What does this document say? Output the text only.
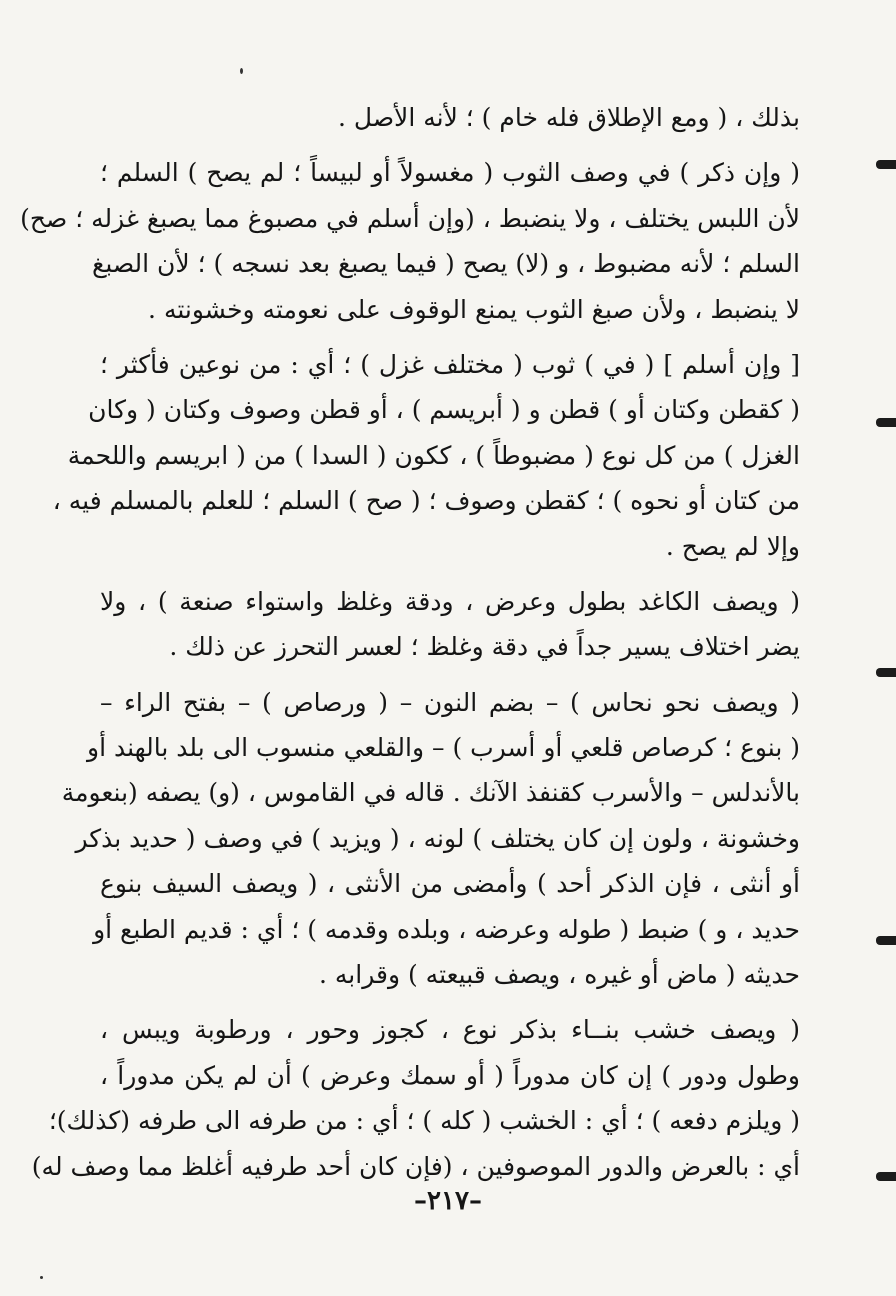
بذلك ، ( ومع الإطلاق فله خام ) ؛ لأنه الأصل .
( وإن ذكر ) في وصف الثوب ( مغسولاً أو لبيساً ؛ لم يصح ) السلم ؛
لأن اللبس يختلف ، ولا ينضبط ، (وإن أسلم في مصبوغ مما يصبغ غزله ؛ صح)
السلم ؛ لأنه مضبوط ، و (لا) يصح ( فيما يصبغ بعد نسجه ) ؛ لأن الصبغ
لا ينضبط ، ولأن صبغ الثوب يمنع الوقوف على نعومته وخشونته .
[ وإن أسلم ] ( في ) ثوب ( مختلف غزل ) ؛ أي : من نوعين فأكثر ؛
( كقطن وكتان أو ) قطن و ( أبريسم ) ، أو قطن وصوف وكتان ( وكان
الغزل ) من كل نوع ( مضبوطاً ) ، ككون ( السدا ) من ( ابريسم واللحمة
من كتان أو نحوه ) ؛ كقطن وصوف ؛ ( صح ) السلم ؛ للعلم بالمسلم فيه ،
وإلا لم يصح .
( ويصف الكاغد بطول وعرض ، ودقة وغلظ واستواء صنعة ) ، ولا
يضر اختلاف يسير جداً في دقة وغلظ ؛ لعسر التحرز عن ذلك .
( ويصف نحو نحاس ) – بضم النون – ( ورصاص ) – بفتح الراء –
( بنوع ؛ كرصاص قلعي أو أسرب ) – والقلعي منسوب الى بلد بالهند أو
بالأندلس – والأسرب كقنفذ الآنك . قاله في القاموس ، (و) يصفه (بنعومة
وخشونة ، ولون إن كان يختلف ) لونه ، ( ويزيد ) في وصف ( حديد بذكر
أو أنثى ، فإن الذكر أحد ) وأمضى من الأنثى ، ( ويصف السيف بنوع
حديد ، و ) ضبط ( طوله وعرضه ، وبلده وقدمه ) ؛ أي : قديم الطبع أو
حديثه ( ماض أو غيره ، ويصف قبيعته ) وقرابه .
( ويصف خشب بنــاء بذكر نوع ، كجوز وحور ، ورطوبة ويبس ،
وطول ودور ) إن كان مدوراً ( أو سمك وعرض ) أن لم يكن مدوراً ،
( ويلزم دفعه ) ؛ أي : الخشب ( كله ) ؛ أي : من طرفه الى طرفه (كذلك)؛
أي : بالعرض والدور الموصوفين ، (فإن كان أحد طرفيه أغلظ مما وصف له)
–٢١٧–
